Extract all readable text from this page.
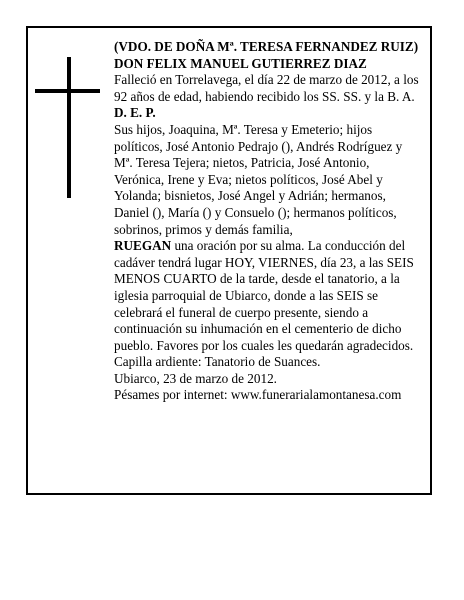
(VDO. DE DOÑA Mª. TERESA FERNANDEZ RUIZ)

DON FELIX MANUEL GUTIERREZ DIAZ

Falleció en Torrelavega, el día 22 de marzo de 2012, a los 92 años de edad, habiendo recibido los SS. SS. y la B. A.

D. E. P.

Sus hijos, Joaquina, Mª. Teresa y Emeterio; hijos políticos, José Antonio Pedrajo (), Andrés Rodríguez y Mª. Teresa Tejera; nietos, Patricia, José Antonio, Verónica, Irene y Eva; nietos políticos, José Abel y Yolanda; bisnietos, José Angel y Adrián; hermanos, Daniel (), María () y Consuelo (); hermanos políticos, sobrinos, primos y demás familia,

RUEGAN una oración por su alma. La conducción del cadáver tendrá lugar HOY, VIERNES, día 23, a las SEIS MENOS CUARTO de la tarde, desde el tanatorio, a la iglesia parroquial de Ubiarco, donde a las SEIS se celebrará el funeral de cuerpo presente, siendo a continuación su inhumación en el cementerio de dicho pueblo. Favores por los cuales les quedarán agradecidos. Capilla ardiente: Tanatorio de Suances.

Ubiarco, 23 de marzo de 2012.

Pésames por internet: www.funerarialamontanesa.com
